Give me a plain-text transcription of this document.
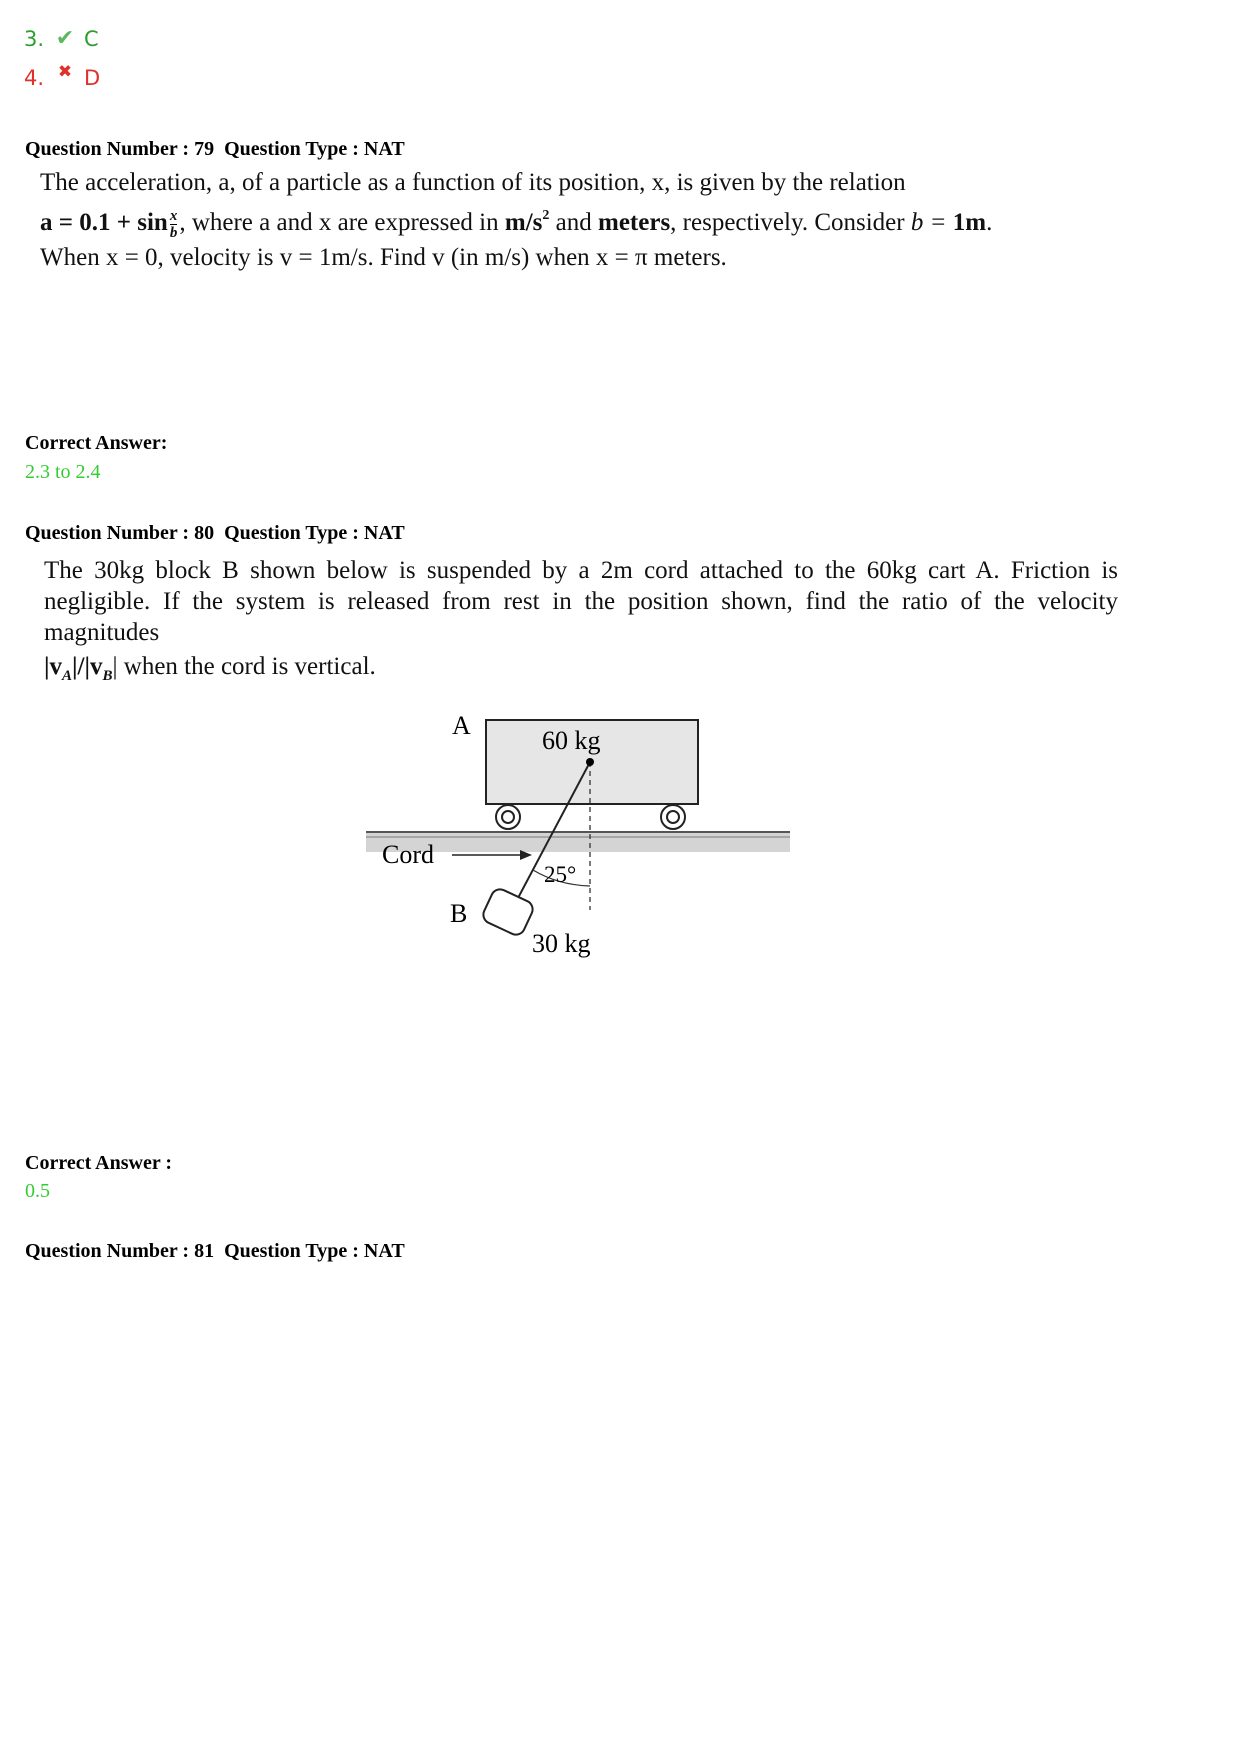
3. ✔ C
4. ✖ D
Question Number : 79  Question Type : NAT
The acceleration, a, of a particle as a function of its position, x, is given by the relation
$a = 0.1 + \sin \frac{x}{b}$ , where a and x are expressed in $m/s^2$ and meters, respectively. Consider b = 1m.
When x = 0, velocity is v = 1m/s. Find v (in m/s) when x = π meters.
Correct Answer:
2.3 to 2.4
Question Number : 80  Question Type : NAT
The 30kg block B shown below is suspended by a 2m cord attached to the 60kg cart A. Friction is negligible. If the system is released from rest in the position shown, find the ratio of the velocity magnitudes
$|v_A|/|v_B|$ when the cord is vertical.
A
60 kg
Cord
25°
B
30 kg
Correct Answer :
0.5
Question Number : 81  Question Type : NAT
